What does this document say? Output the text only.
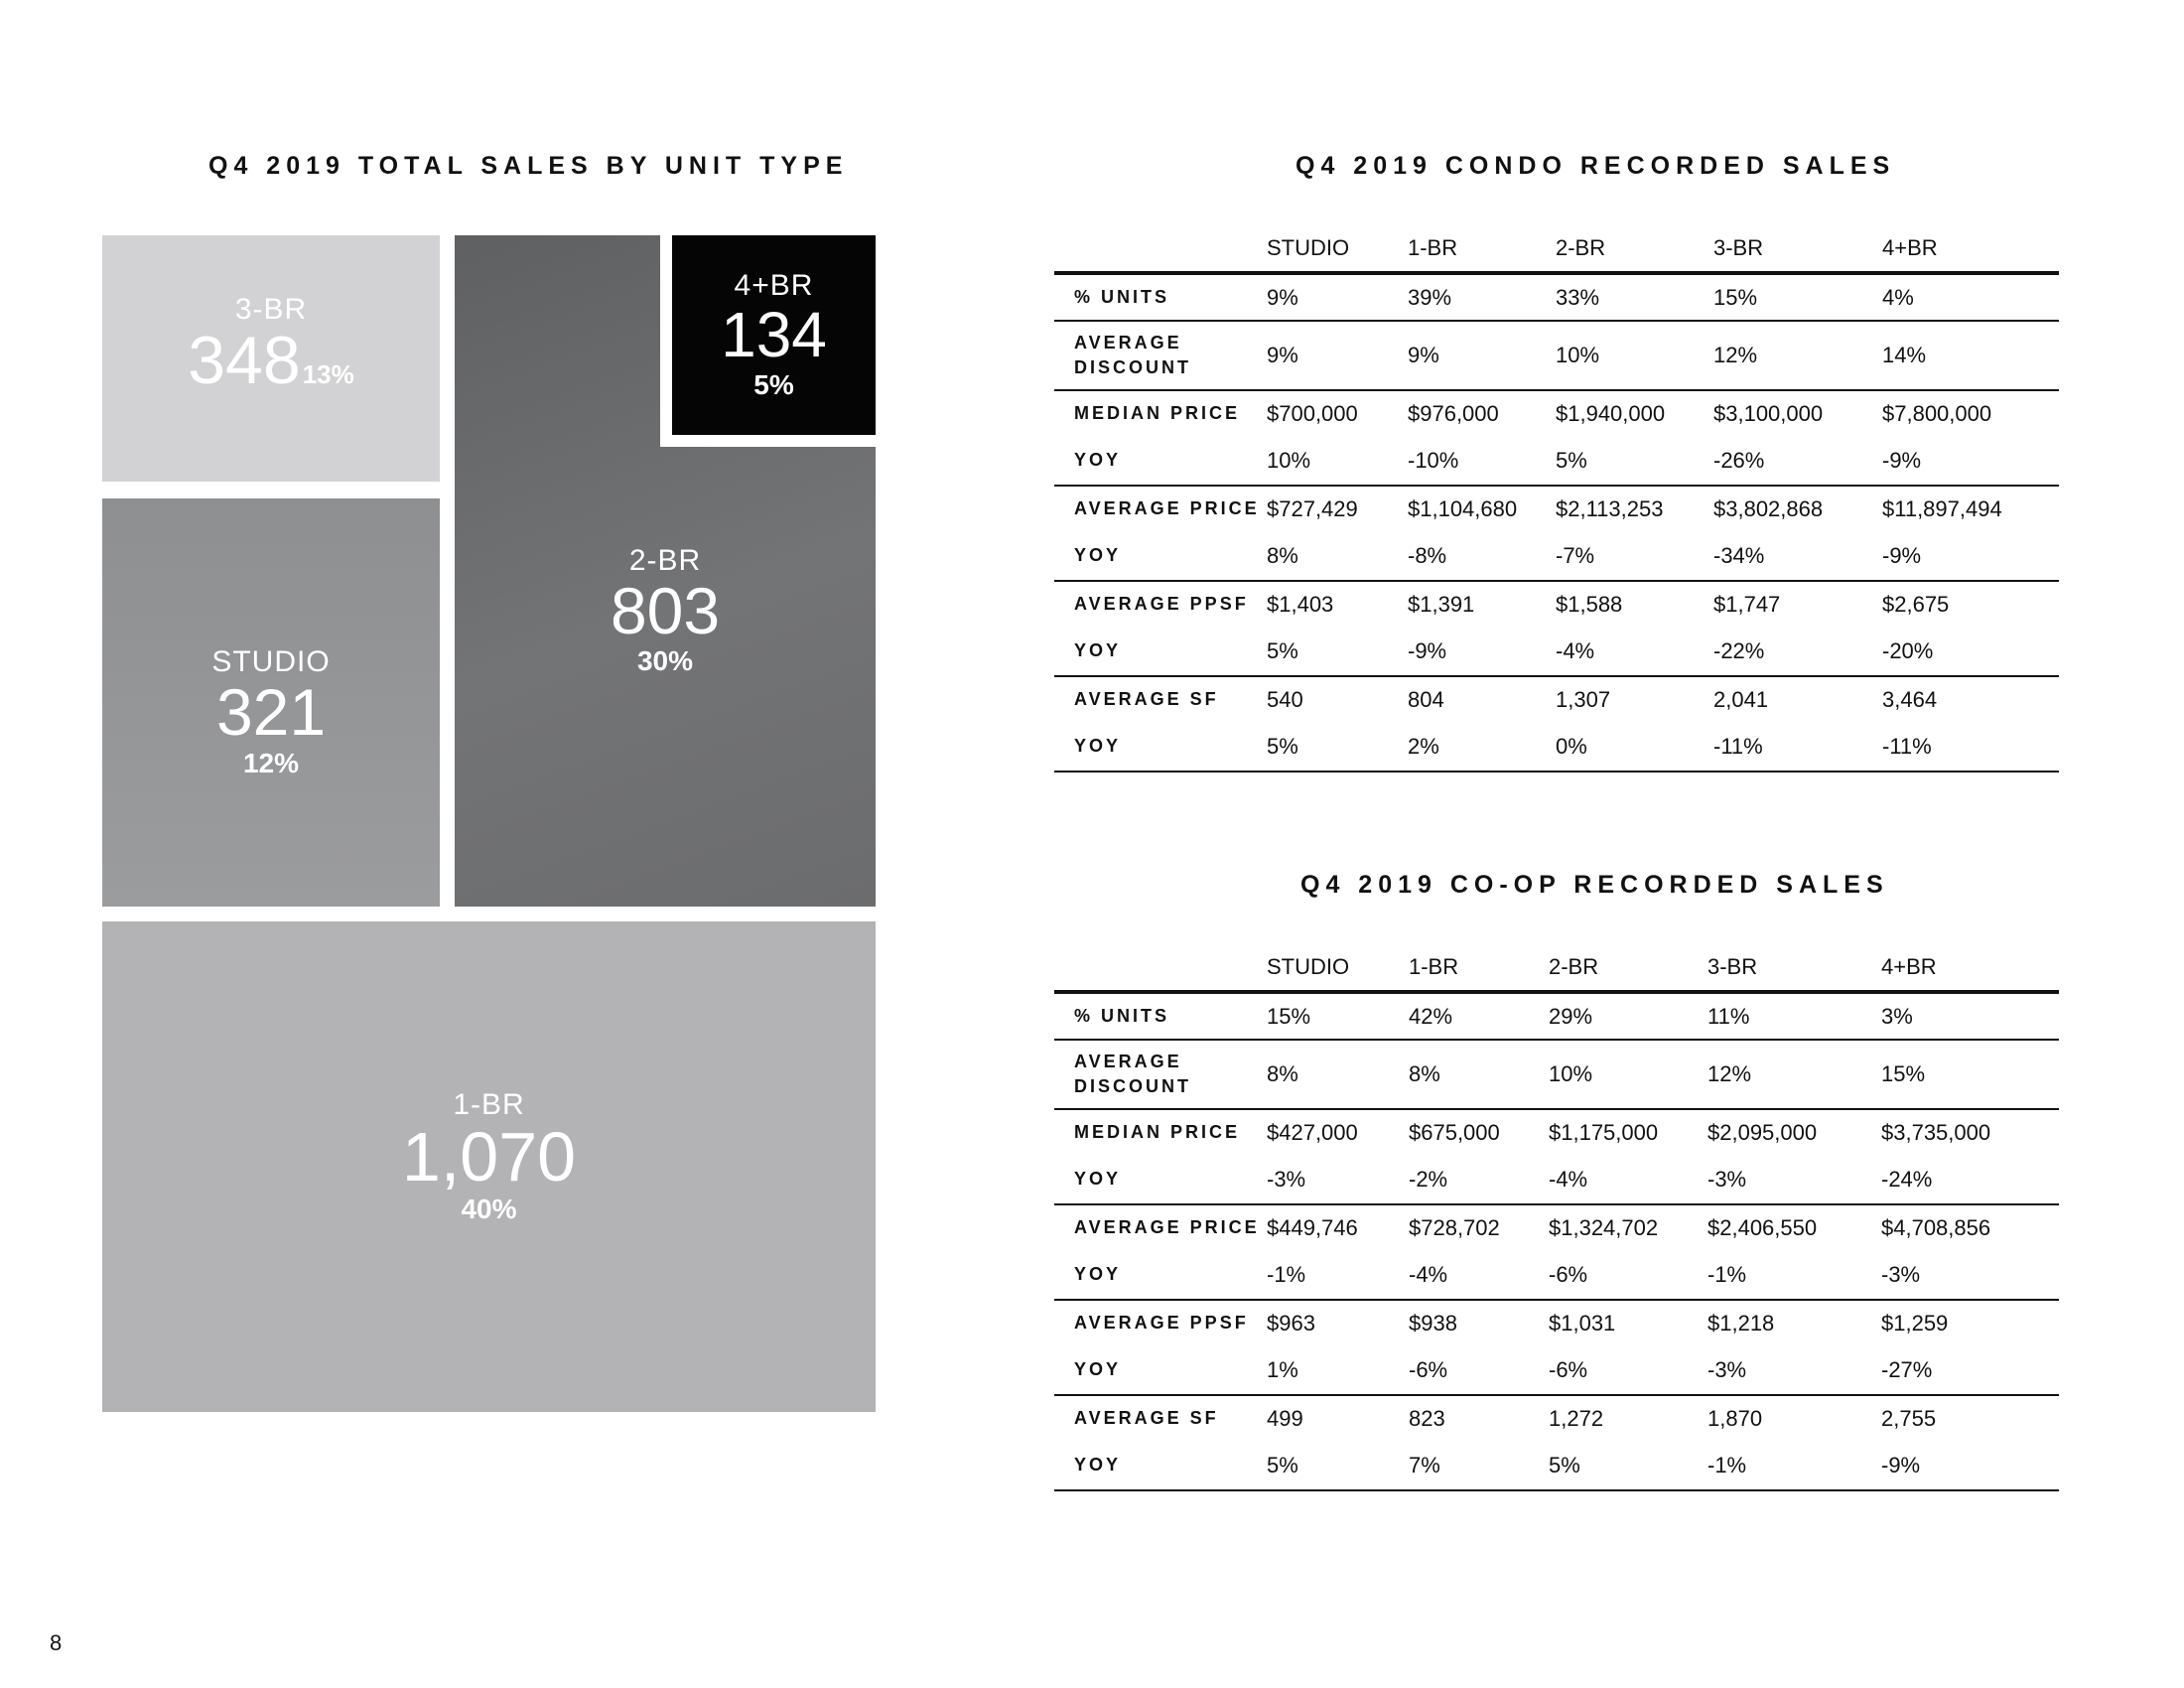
Q4 2019 TOTAL SALES BY UNIT TYPE	Q4 2019 CONDO RECORDED SALES
Q4 2019 CO-OP RECORDED SALES
3-BR
348 13%
2-BR
803
30%
4+BR
134
5%
STUDIO
321
12%
1-BR
1,070
40%
	STUDIO	1-BR	2-BR	3-BR	4+BR
% UNITS	9%	39%	33%	15%	4%
AVERAGE
DISCOUNT	9%	9%	10%	12%	14%
MEDIAN PRICE	$700,000	$976,000	$1,940,000	$3,100,000	$7,800,000
YOY	10%	-10%	5%	-26%	-9%
AVERAGE PRICE	$727,429	$1,104,680	$2,113,253	$3,802,868	$11,897,494
YOY	8%	-8%	-7%	-34%	-9%
AVERAGE PPSF	$1,403	$1,391	$1,588	$1,747	$2,675
YOY	5%	-9%	-4%	-22%	-20%
AVERAGE SF	540	804	1,307	2,041	3,464
YOY	5%	2%	0%	-11%	-11%
	STUDIO	1-BR	2-BR	3-BR	4+BR
% UNITS	15%	42%	29%	11%	3%
AVERAGE
DISCOUNT	8%	8%	10%	12%	15%
MEDIAN PRICE	$427,000	$675,000	$1,175,000	$2,095,000	$3,735,000
YOY	-3%	-2%	-4%	-3%	-24%
AVERAGE PRICE	$449,746	$728,702	$1,324,702	$2,406,550	$4,708,856
YOY	-1%	-4%	-6%	-1%	-3%
AVERAGE PPSF	$963	$938	$1,031	$1,218	$1,259
YOY	1%	-6%	-6%	-3%	-27%
AVERAGE SF	499	823	1,272	1,870	2,755
YOY	5%	7%	5%	-1%	-9%
8
